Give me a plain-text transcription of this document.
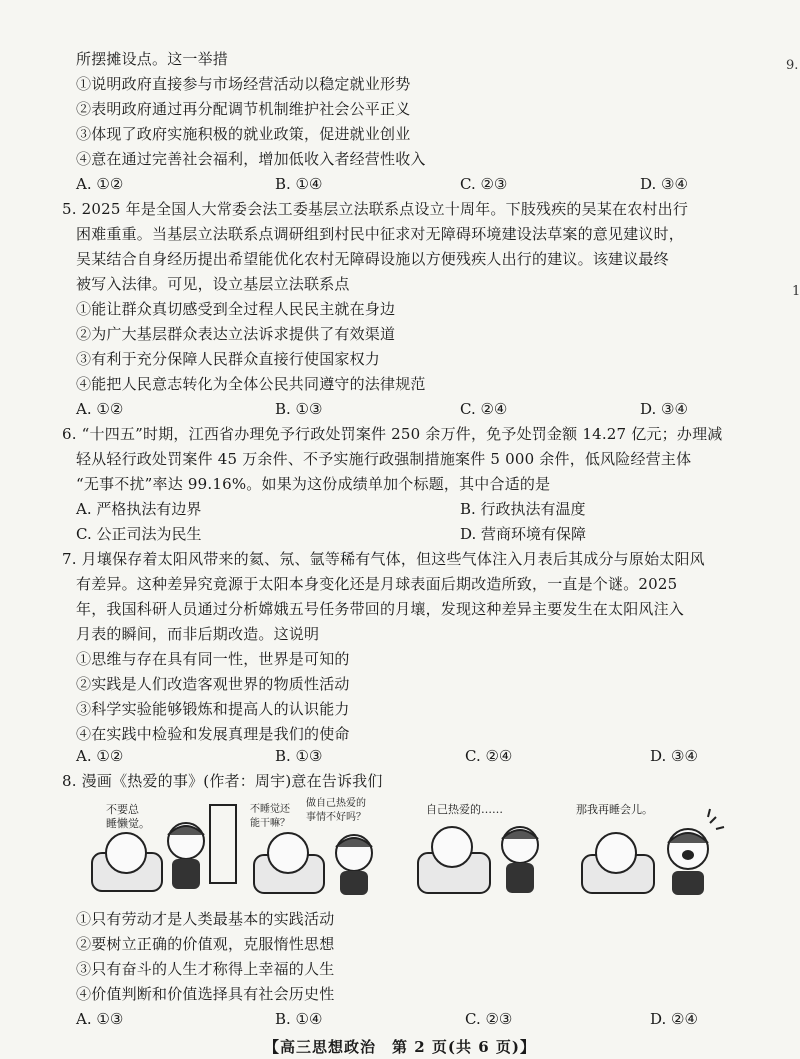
9.
1
所摆摊设点。这一举措
①说明政府直接参与市场经营活动以稳定就业形势
②表明政府通过再分配调节机制维护社会公平正义
③体现了政府实施积极的就业政策，促进就业创业
④意在通过完善社会福利，增加低收入者经营性收入
A. ①②	B. ①④	C. ②③	D. ③④
5. 2025 年是全国人大常委会法工委基层立法联系点设立十周年。下肢残疾的吴某在农村出行
困难重重。当基层立法联系点调研组到村民中征求对无障碍环境建设法草案的意见建议时，
吴某结合自身经历提出希望能优化农村无障碍设施以方便残疾人出行的建议。该建议最终
被写入法律。可见，设立基层立法联系点
①能让群众真切感受到全过程人民民主就在身边
②为广大基层群众表达立法诉求提供了有效渠道
③有利于充分保障人民群众直接行使国家权力
④能把人民意志转化为全体公民共同遵守的法律规范
A. ①②	B. ①③	C. ②④	D. ③④
6. “十四五”时期，江西省办理免予行政处罚案件 250 余万件，免予处罚金额 14.27 亿元；办理减
轻从轻行政处罚案件 45 万余件、不予实施行政强制措施案件 5 000 余件，低风险经营主体
“无事不扰”率达 99.16%。如果为这份成绩单加个标题，其中合适的是
A. 严格执法有边界	B. 行政执法有温度
C. 公正司法为民生	D. 营商环境有保障
7. 月壤保存着太阳风带来的氦、氖、氩等稀有气体，但这些气体注入月表后其成分与原始太阳风
有差异。这种差异究竟源于太阳本身变化还是月球表面后期改造所致，一直是个谜。2025
年，我国科研人员通过分析嫦娥五号任务带回的月壤，发现这种差异主要发生在太阳风注入
月表的瞬间，而非后期改造。这说明
①思维与存在具有同一性，世界是可知的
②实践是人们改造客观世界的物质性活动
③科学实验能够锻炼和提高人的认识能力
④在实践中检验和发展真理是我们的使命
A. ①②	B. ①③	C. ②④	D. ③④
8. 漫画《热爱的事》(作者：周宇)意在告诉我们
不要总
睡懒觉。
不睡觉还
能干嘛？
做自己热爱的
事情不好吗？
自己热爱的……	那我再睡会儿。
①只有劳动才是人类最基本的实践活动
②要树立正确的价值观，克服惰性思想
③只有奋斗的人生才称得上幸福的人生
④价值判断和价值选择具有社会历史性
A. ①③	B. ①④	C. ②③	D. ②④
【高三思想政治　第 2 页(共 6 页)】
